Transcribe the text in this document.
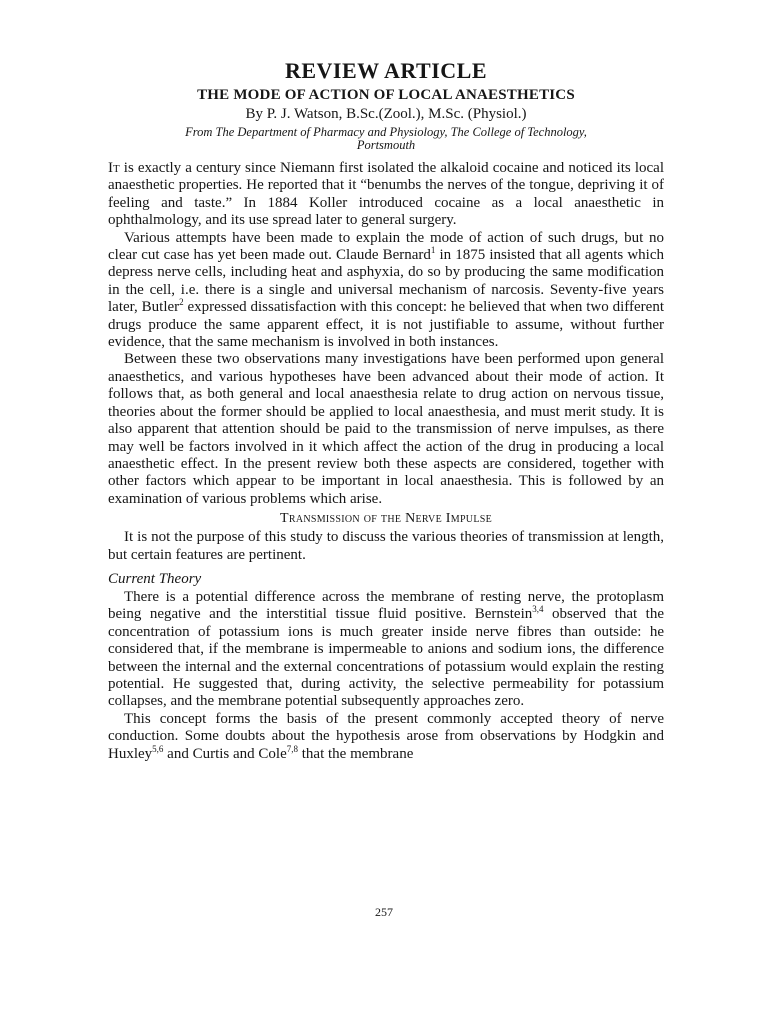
REVIEW ARTICLE
THE MODE OF ACTION OF LOCAL ANAESTHETICS
By P. J. Watson, B.Sc.(Zool.), M.Sc. (Physiol.)
From The Department of Pharmacy and Physiology, The College of Technology,
Portsmouth

It is exactly a century since Niemann first isolated the alkaloid cocaine and noticed its local anaesthetic properties. He reported that it “benumbs the nerves of the tongue, depriving it of feeling and taste.” In 1884 Koller introduced cocaine as a local anaesthetic in ophthalmology, and its use spread later to general surgery.

Various attempts have been made to explain the mode of action of such drugs, but no clear cut case has yet been made out. Claude Bernard$^1$ in 1875 insisted that all agents which depress nerve cells, including heat and asphyxia, do so by producing the same modification in the cell, i.e. there is a single and universal mechanism of narcosis. Seventy-five years later, Butler$^2$ expressed dissatisfaction with this concept: he believed that when two different drugs produce the same apparent effect, it is not justifiable to assume, without further evidence, that the same mechanism is involved in both instances.

Between these two observations many investigations have been performed upon general anaesthetics, and various hypotheses have been advanced about their mode of action. It follows that, as both general and local anaesthesia relate to drug action on nervous tissue, theories about the former should be applied to local anaesthesia, and must merit study. It is also apparent that attention should be paid to the transmission of nerve impulses, as there may well be factors involved in it which affect the action of the drug in producing a local anaesthetic effect. In the present review both these aspects are considered, together with other factors which appear to be important in local anaesthesia. This is followed by an examination of various problems which arise.

Transmission of the Nerve Impulse

It is not the purpose of this study to discuss the various theories of transmission at length, but certain features are pertinent.

Current Theory

There is a potential difference across the membrane of resting nerve, the protoplasm being negative and the interstitial tissue fluid positive. Bernstein$^{3,4}$ observed that the concentration of potassium ions is much greater inside nerve fibres than outside: he considered that, if the membrane is impermeable to anions and sodium ions, the difference between the internal and the external concentrations of potassium would explain the resting potential. He suggested that, during activity, the selective permeability for potassium collapses, and the membrane potential subsequently approaches zero.

This concept forms the basis of the present commonly accepted theory of nerve conduction. Some doubts about the hypothesis arose from observations by Hodgkin and Huxley$^{5,6}$ and Curtis and Cole$^{7,8}$ that the membrane

257
